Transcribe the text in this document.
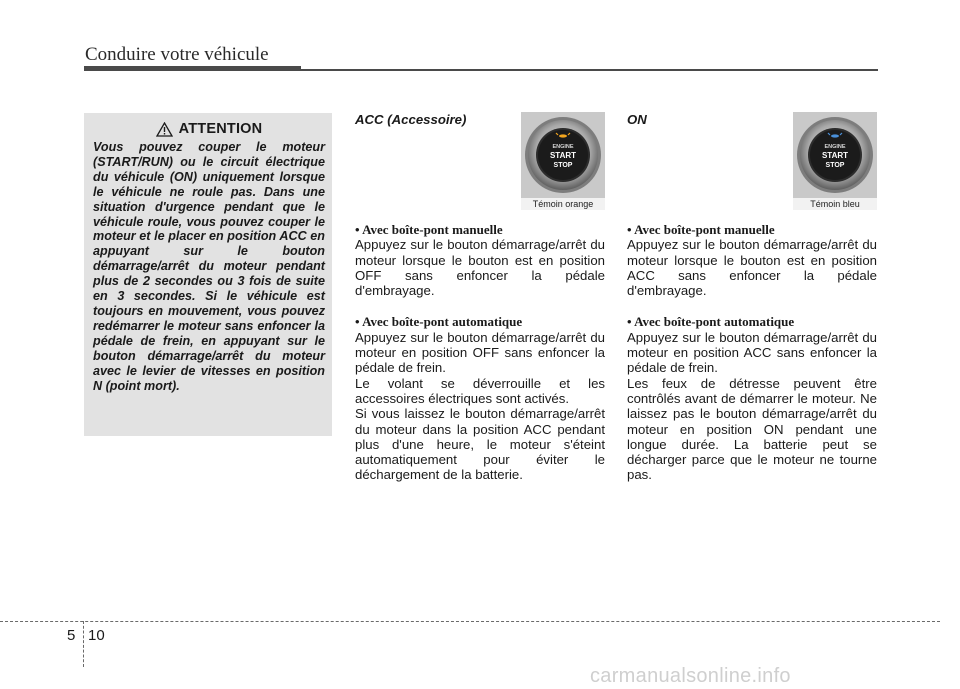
Conduire votre véhicule
ATTENTION

Vous pouvez couper le moteur (START/RUN) ou le circuit électrique du véhicule (ON) uniquement lorsque le véhicule ne roule pas. Dans une situation d'urgence pendant que le véhicule roule, vous pouvez couper le moteur et le placer en position ACC en appuyant sur le bouton démarrage/arrêt du moteur pendant plus de 2 secondes ou 3 fois de suite en 3 secondes. Si le véhicule est toujours en mouvement, vous pouvez redémarrer le moteur sans enfoncer la pédale de frein, en appuyant sur le bouton démarrage/arrêt du moteur avec le levier de vitesses en position N (point mort).

ACC (Accessoire)

ENGINE
START
STOP
Témoin orange

• Avec boîte-pont manuelle

Appuyez sur le bouton démarrage/arrêt du moteur lorsque le bouton est en position OFF sans enfoncer la pédale d'embrayage.

• Avec boîte-pont automatique

Appuyez sur le bouton démarrage/arrêt du moteur en position OFF sans enfoncer la pédale de frein.

Le volant se déverrouille et les accessoires électriques sont activés.

Si vous laissez le bouton démarrage/arrêt du moteur dans la position ACC pendant plus d'une heure, le moteur s'éteint automatiquement pour éviter le déchargement de la batterie.

ON

ENGINE
START
STOP
Témoin bleu

• Avec boîte-pont manuelle

Appuyez sur le bouton démarrage/arrêt du moteur lorsque le bouton est en position ACC sans enfoncer la pédale d'embrayage.

• Avec boîte-pont automatique

Appuyez sur le bouton démarrage/arrêt du moteur en position ACC sans enfoncer la pédale de frein.

Les feux de détresse peuvent être contrôlés avant de démarrer le moteur. Ne laissez pas le bouton démarrage/arrêt du moteur en position ON pendant une longue durée. La batterie peut se décharger parce que le moteur ne tourne pas.

5 10
carmanualsonline.info
